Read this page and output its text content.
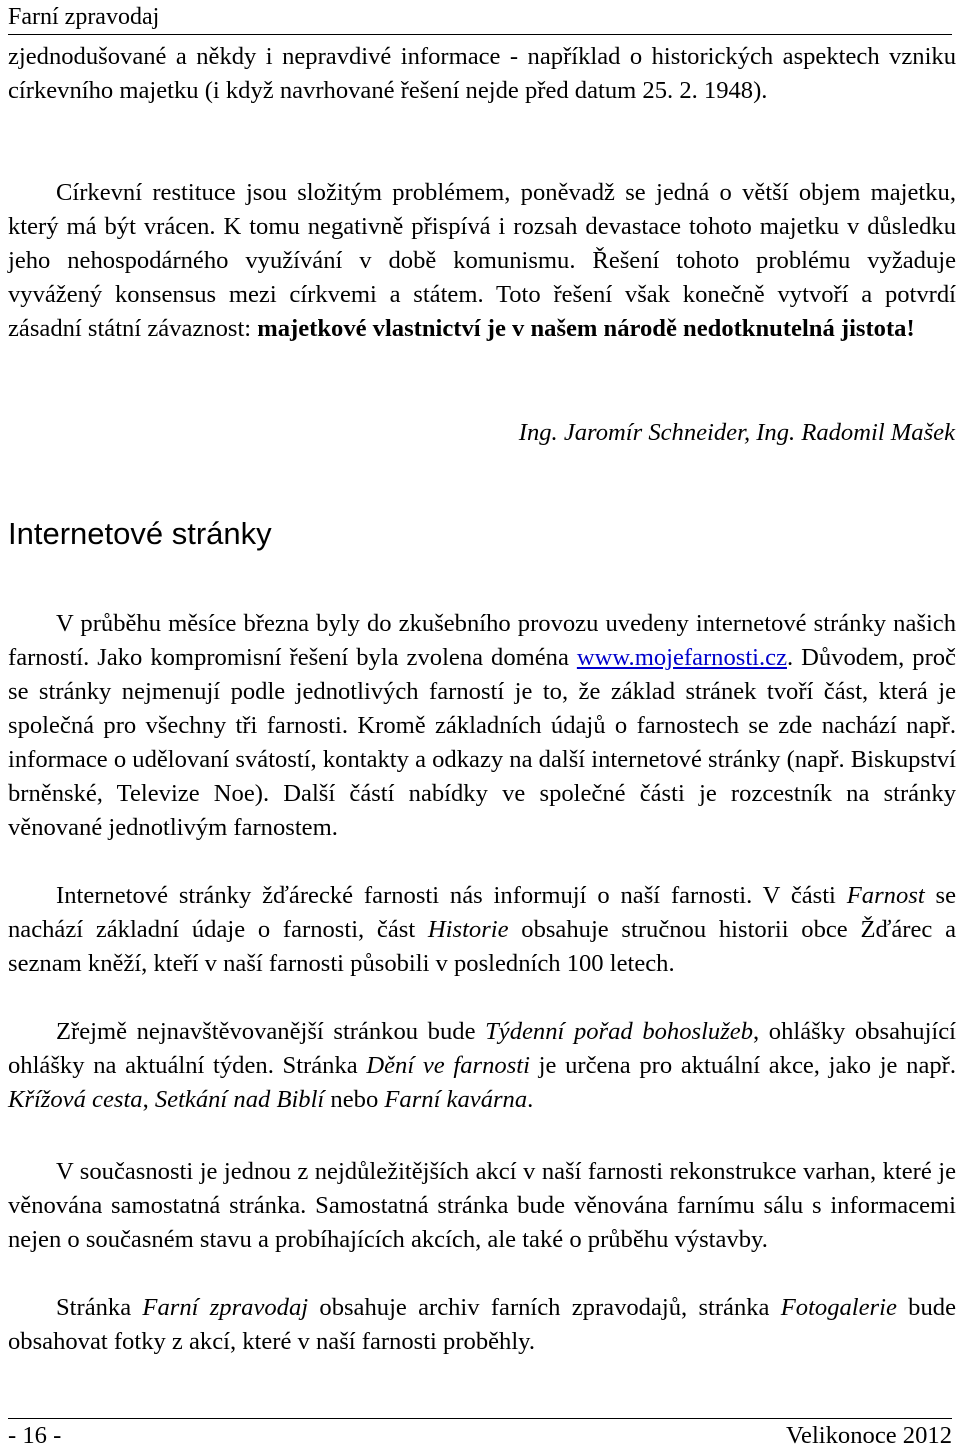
Farní zpravodaj

zjednodušované a někdy i nepravdivé informace - například o historických aspektech vzniku církevního majetku (i když navrhované řešení nejde před datum 25. 2. 1948).

Církevní restituce jsou složitým problémem, poněvadž se jedná o větší objem majetku, který má být vrácen. K tomu negativně přispívá i rozsah devastace tohoto majetku v důsledku jeho nehospodárného využívání v době komunismu. Řešení tohoto problému vyžaduje vyvážený konsensus mezi církvemi a státem. Toto řešení však konečně vytvoří a potvrdí zásadní státní závaznost: majetkové vlastnictví je v našem národě nedotknutelná jistota!

Ing. Jaromír Schneider, Ing. Radomil Mašek
Internetové stránky

V průběhu měsíce března byly do zkušebního provozu uvedeny internetové stránky našich farností. Jako kompromisní řešení byla zvolena doména www.mojefarnosti.cz. Důvodem, proč se stránky nejmenují podle jednotlivých farností je to, že základ stránek tvoří část, která je společná pro všechny tři farnosti. Kromě základních údajů o farnostech se zde nachází např. informace o udělovaní svátostí, kontakty a odkazy na další internetové stránky (např. Biskupství brněnské, Televize Noe). Další částí nabídky ve společné části je rozcestník na stránky věnované jednotlivým farnostem.

Internetové stránky žďárecké farnosti nás informují o naší farnosti. V části Farnost se nachází základní údaje o farnosti, část Historie obsahuje stručnou historii obce Žďárec a seznam kněží, kteří v naší farnosti působili v posledních 100 letech.

Zřejmě nejnavštěvovanější stránkou bude Týdenní pořad bohoslužeb, ohlášky obsahující ohlášky na aktuální týden. Stránka Dění ve farnosti je určena pro aktuální akce, jako je např. Křížová cesta, Setkání nad Biblí nebo Farní kavárna.

V současnosti je jednou z nejdůležitějších akcí v naší farnosti rekonstrukce varhan, které je věnována samostatná stránka. Samostatná stránka bude věnována farnímu sálu s informacemi nejen o současném stavu a probíhajících akcích, ale také o průběhu výstavby.

Stránka Farní zpravodaj obsahuje archiv farních zpravodajů, stránka Fotogalerie bude obsahovat fotky z akcí, které v naší farnosti proběhly.

- 16 -	Velikonoce 2012
